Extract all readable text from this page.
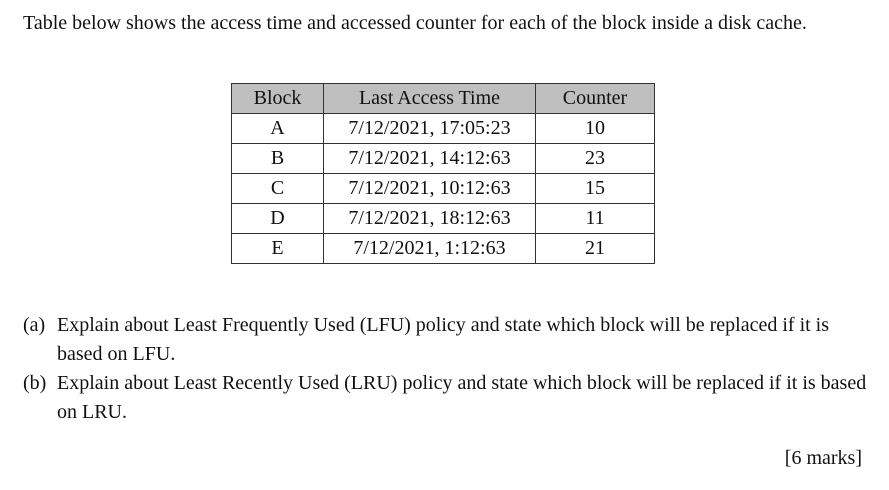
Table below shows the access time and accessed counter for each of the block inside a disk cache.

Block	Last Access Time	Counter
A	7/12/2021, 17:05:23	10
B	7/12/2021, 14:12:63	23
C	7/12/2021, 10:12:63	15
D	7/12/2021, 18:12:63	11
E	7/12/2021, 1:12:63	21
(a) Explain about Least Frequently Used (LFU) policy and state which block will be replaced if it is based on LFU.
(b) Explain about Least Recently Used (LRU) policy and state which block will be replaced if it is based on LRU.
[6 marks]
